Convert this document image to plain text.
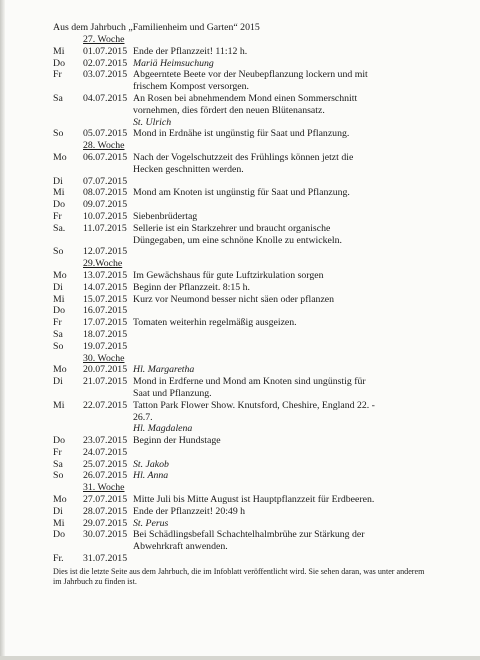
Aus dem Jahrbuch „Familienheim und Garten“ 2015

27. Woche
Mi	01.07.2015 Ende der Pflanzzeit! 11:12 h.
Do	02.07.2015 Mariä Heimsuchung
Fr	03.07.2015 Abgeerntete Beete vor der Neubepflanzung lockern und mit
frischem Kompost versorgen.
Sa	04.07.2015 An Rosen bei abnehmendem Mond einen Sommerschnitt
vornehmen, dies fördert den neuen Blütenansatz.
St. Ulrich
So	05.07.2015 Mond in Erdnähe ist ungünstig für Saat und Pflanzung.
28. Woche
Mo	06.07.2015 Nach der Vogelschutzzeit des Frühlings können jetzt die
Hecken geschnitten werden.
Di	07.07.2015
Mi	08.07.2015 Mond am Knoten ist ungünstig für Saat und Pflanzung.
Do	09.07.2015
Fr	10.07.2015 Siebenbrüdertag
Sa.	11.07.2015 Sellerie ist ein Starkzehrer und braucht organische
Düngegaben, um eine schnöne Knolle zu entwickeln.
So	12.07.2015
29.Woche
Mo	13.07.2015 Im Gewächshaus für gute Luftzirkulation sorgen
Di	14.07.2015 Beginn der Pflanzzeit. 8:15 h.
Mi	15.07.2015 Kurz vor Neumond besser nicht säen oder pflanzen
Do	16.07.2015
Fr	17.07.2015 Tomaten weiterhin regelmäßig ausgeizen.
Sa	18.07.2015
So	19.07.2015
30. Woche
Mo	20.07.2015 Hl. Margaretha
Di	21.07.2015 Mond in Erdferne und Mond am Knoten sind ungünstig für
Saat und Pflanzung.
Mi	22.07.2015 Tatton Park Flower Show. Knutsford, Cheshire, England 22. -
26.7.
Hl. Magdalena
Do	23.07.2015 Beginn der Hundstage
Fr	24.07.2015
Sa	25.07.2015 St. Jakob
So	26.07.2015 Hl. Anna
31. Woche
Mo	27.07.2015 Mitte Juli bis Mitte August ist Hauptpflanzzeit für Erdbeeren.
Di	28.07.2015 Ende der Pflanzzeit! 20:49 h
Mi	29.07.2015 St. Perus
Do	30.07.2015 Bei Schädlingsbefall Schachtelhalmbrühe zur Stärkung der
Abwehrkraft anwenden.
Fr.	31.07.2015

Dies ist die letzte Seite aus dem Jahrbuch, die im Infoblatt veröffentlicht wird. Sie sehen daran, was unter anderem im Jahrbuch zu finden ist.
